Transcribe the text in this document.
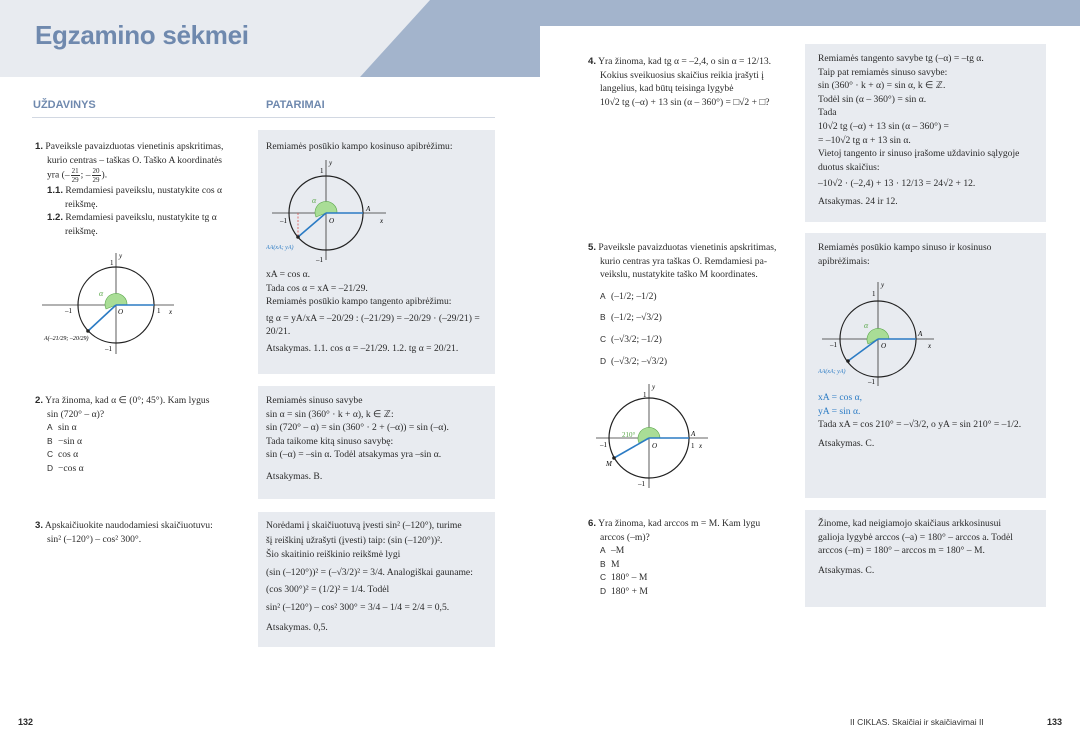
Egzamino sėkmei
UŽDAVINYS	PATARIMAI

1. Paveiksle pavaizduotas vienetinis apskritimas,

kurio centras – taškas O. Taško A koordinatės

yra (– $\frac{21}{29}$ ; – $\frac{20}{29}$ ).

1.1. Remdamiesi paveikslu, nustatykite cos α

reikšmę.

1.2. Remdamiesi paveikslu, nustatykite tg α

reikšmę.

y
x
1
–1	1
–1
O
α
A(–21/29; –20/29)

Remiamės posūkio kampo kosinuso apibrėžimu:

y
x
1
–1
A
–1
O
α
AA(xA; yA)

xA = cos α.

Tada cos α = xA = –21/29.

Remiamės posūkio kampo tangento apibrėžimu:

tg α = yA/xA = –20/29 : (–21/29) = –20/29 · (–29/21) = 20/21.

Atsakymas. 1.1. cos α = –21/29. 1.2. tg α = 20/21.

2. Yra žinoma, kad α ∈ (0°; 45°). Kam lygus

sin (720° – α)?

A sin α

B −sin α

C cos α

D −cos α

Remiamės sinuso savybe

sin α = sin (360° · k + α), k ∈ ℤ:

sin (720° – α) = sin (360° · 2 + (–α)) = sin (–α).

Tada taikome kitą sinuso savybę:

sin (–α) = –sin α. Todėl atsakymas yra –sin α.

Atsakymas. B.

3. Apskaičiuokite naudodamiesi skaičiuotuvu:

sin² (–120°) – cos² 300°.

Norėdami į skaičiuotuvą įvesti sin² (–120°), turime

šį reiškinį užrašyti (įvesti) taip: (sin (–120°))².

Šio skaitinio reiškinio reikšmė lygi

(sin (–120°))² = (–√3/2)² = 3/4. Analogiškai gauname:

(cos 300°)² = (1/2)² = 1/4. Todėl

sin² (–120°) – cos² 300° = 3/4 – 1/4 = 2/4 = 0,5.

Atsakymas. 0,5.

4. Yra žinoma, kad tg α = –2,4, o sin α = 12/13.

Kokius sveikuosius skaičius reikia įrašyti į

langelius, kad būtų teisinga lygybė

10√2 tg (–α) + 13 sin (α – 360°) = □√2 + □?

Remiamės tangento savybe tg (–α) = –tg α.

Taip pat remiamės sinuso savybe:

sin (360° · k + α) = sin α, k ∈ ℤ.

Todėl sin (α – 360°) = sin α.

Tada

10√2 tg (–α) + 13 sin (α – 360°) =

= –10√2 tg α + 13 sin α.

Vietoj tangento ir sinuso įrašome uždavinio sąlygoje

duotus skaičius:

–10√2 · (–2,4) + 13 · 12/13 = 24√2 + 12.

Atsakymas. 24 ir 12.

5. Paveiksle pavaizduotas vienetinis apskritimas,

kurio centras yra taškas O. Remdamiesi pa-

veikslu, nustatykite taško M koordinates.

A (–1/2; –1/2)

B (–1/2; –√3/2)

C (–√3/2; –1/2)

D (–√3/2; –√3/2)

y
x
1
–1	1
A
–1
O
210°
M

Remiamės posūkio kampo sinuso ir kosinuso

apibrėžimais:

y
x
1
–1
A
–1
O
α
AA(xA; yA)

xA = cos α,

yA = sin α.

Tada xA = cos 210° = –√3/2, o yA = sin 210° = –1/2.

Atsakymas. C.

6. Yra žinoma, kad arccos m = M. Kam lygu

arccos (–m)?

A –M

B M

C 180° – M

D 180° + M

Žinome, kad neigiamojo skaičiaus arkkosinusui

galioja lygybė arccos (–a) = 180° – arccos a. Todėl

arccos (–m) = 180° – arccos m = 180° – M.

Atsakymas. C.

132	II CIKLAS. Skaičiai ir skaičiavimai II	133
